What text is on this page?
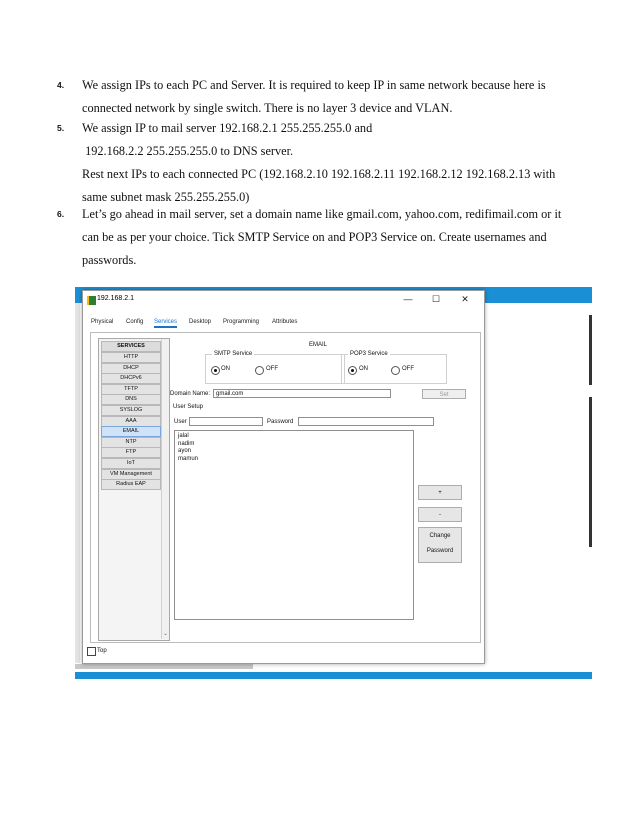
4. We assign IPs to each PC and Server. It is required to keep IP in same network because here is
connected network by single switch. There is no layer 3 device and VLAN.
5. We assign IP to mail server 192.168.2.1 255.255.255.0 and
192.168.2.2 255.255.255.0 to DNS server.
Rest next IPs to each connected PC (192.168.2.10 192.168.2.11 192.168.2.12 192.168.2.13 with
same subnet mask 255.255.255.0)
6. Let’s go ahead in mail server, set a domain name like gmail.com, yahoo.com, redifimail.com or it
can be as per your choice. Tick SMTP Service on and POP3 Service on. Create usernames and
passwords.
192.168.2.1	—	☐	✕
Physical Config Services Desktop Programming Attributes
SERVICES
HTTP
DHCP
DHCPv6
TFTP
DNS
SYSLOG
AAA
EMAIL
NTP
FTP
IoT
VM Management
Radius EAP
⌄
EMAIL
SMTP Service
ON	OFF
POP3 Service
ON	OFF
Domain Name: gmail.com	Set
User Setup
User	Password
jalal
nadim
ayon
mamun
+
-
Change
Password
Top
